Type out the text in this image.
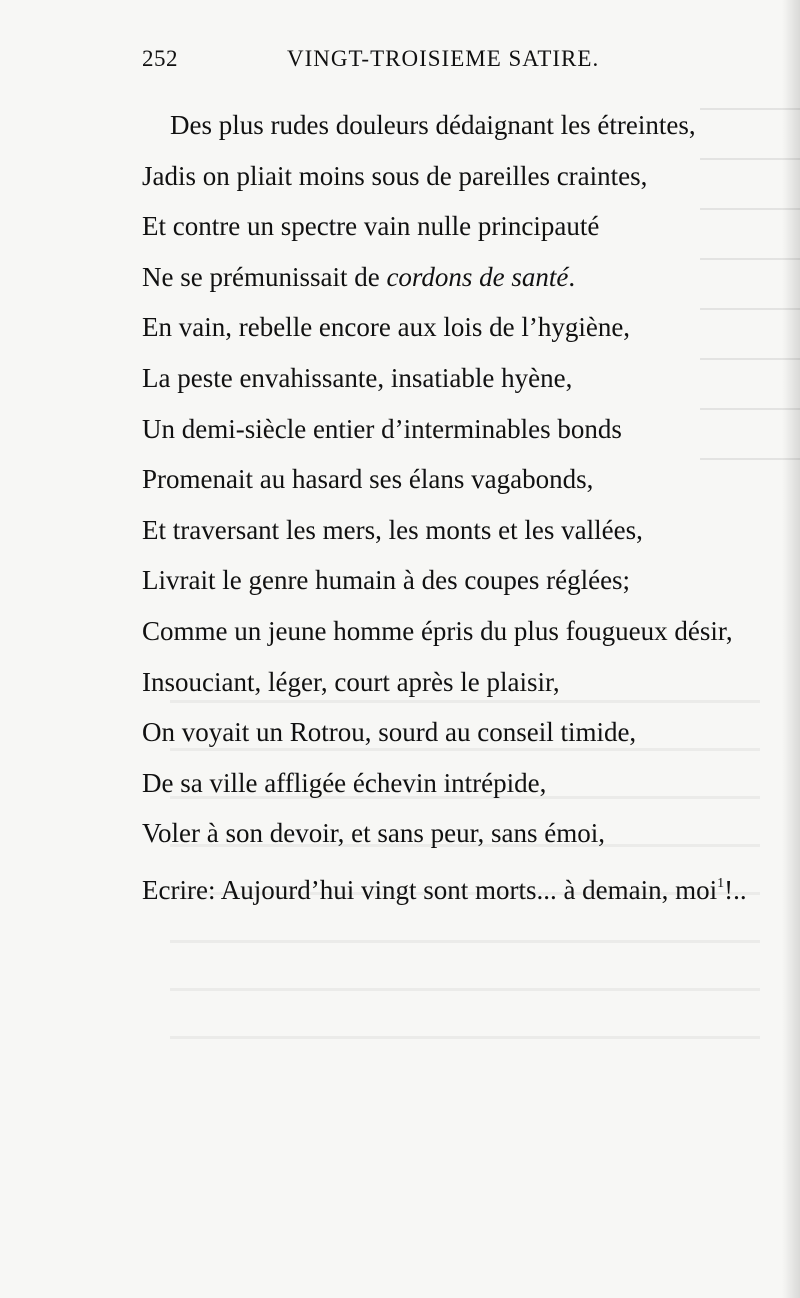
252	VINGT-TROISIEME SATIRE.
Des plus rudes douleurs dédaignant les étreintes,
Jadis on pliait moins sous de pareilles craintes,
Et contre un spectre vain nulle principauté
Ne se prémunissait de cordons de santé.
En vain, rebelle encore aux lois de l’hygiène,
La peste envahissante, insatiable hyène,
Un demi-siècle entier d’interminables bonds
Promenait au hasard ses élans vagabonds,
Et traversant les mers, les monts et les vallées,
Livrait le genre humain à des coupes réglées;
Comme un jeune homme épris du plus fougueux désir,
Insouciant, léger, court après le plaisir,
On voyait un Rotrou, sourd au conseil timide,
De sa ville affligée échevin intrépide,
Voler à son devoir, et sans peur, sans émoi,
Ecrire: Aujourd’hui vingt sont morts... à demain, moi$^1$!..
